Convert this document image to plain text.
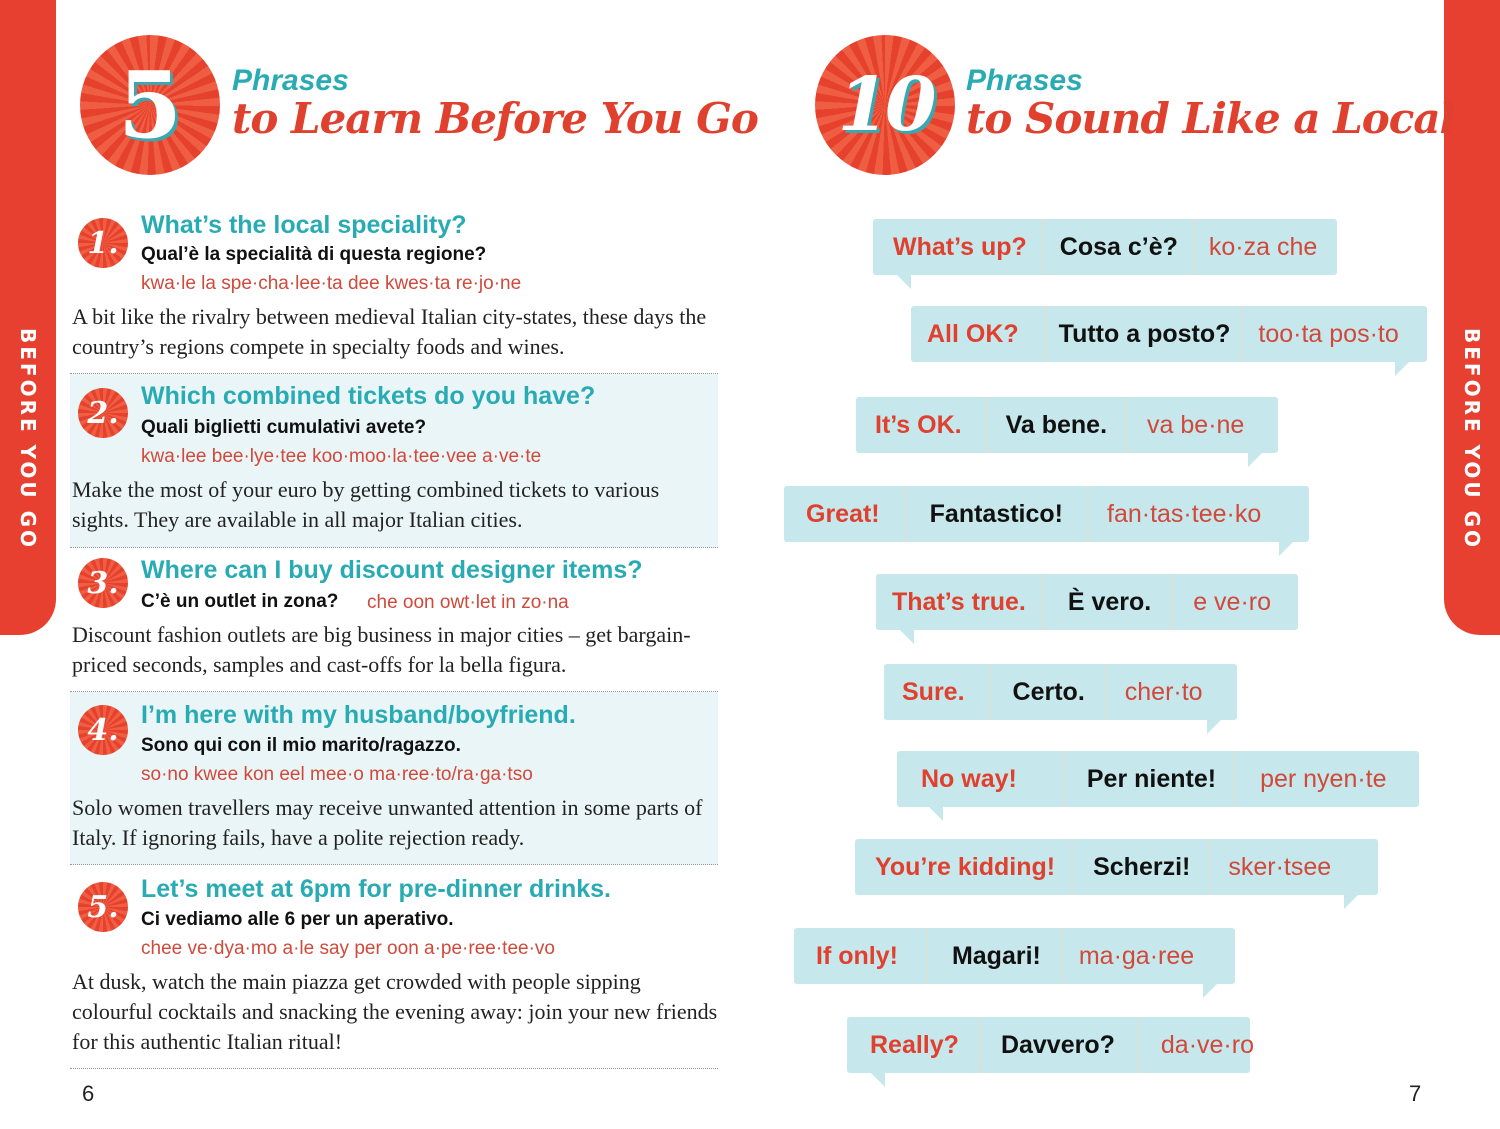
BEFORE YOU GO
5 Phrases
to Learn Before You Go
1.
What’s the local speciality?
Qual’è la specialità di questa regione?
kwa·le la spe·cha·lee·ta dee kwes·ta re·jo·ne
A bit like the rivalry between medieval Italian city-states, these days the country’s regions compete in specialty foods and wines.
2. Which combined tickets do you have?
Quali biglietti cumulativi avete?
kwa·lee bee·lye·tee koo·moo·la·tee·vee a·ve·te
Make the most of your euro by getting combined tickets to various sights. They are available in all major Italian cities.
3. Where can I buy discount designer items?
C’è un outlet in zona? che oon owt·let in zo·na
Discount fashion outlets are big business in major cities – get bargain-priced seconds, samples and cast-offs for la bella figura.
4. I’m here with my husband/boyfriend.
Sono qui con il mio marito/ragazzo.
so·no kwee kon eel mee·o ma·ree·to/ra·ga·tso
Solo women travellers may receive unwanted attention in some parts of Italy. If ignoring fails, have a polite rejection ready.
5.
Let’s meet at 6pm for pre-dinner drinks.
Ci vediamo alle 6 per un aperativo.
chee ve·dya·mo a·le say per oon a·pe·ree·tee·vo
At dusk, watch the main piazza get crowded with people sipping colourful cocktails and snacking the evening away: join your new friends for this authentic Italian ritual!
6
BEFORE YOU GO
10 Phrases
to Sound Like a Local
What’s up?	Cosa c’è?	ko·za che
All OK?	Tutto a posto?	too·ta pos·to
It’s OK.	Va bene.	va be·ne
Great!	Fantastico!	fan·tas·tee·ko
That’s true.	È vero.	e ve·ro
Sure.	Certo.	cher·to
No way!	Per niente!	per nyen·te
You’re kidding!	Scherzi!	sker·tsee
If only!	Magari!	ma·ga·ree
Really?	Davvero?	da·ve·ro
7
